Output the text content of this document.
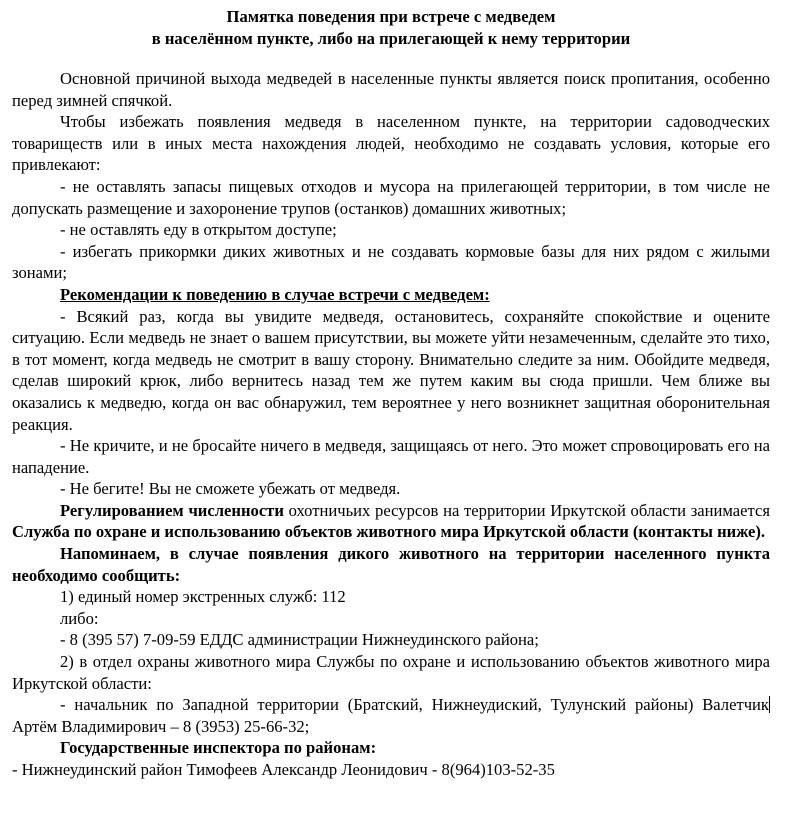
Памятка поведения при встрече с медведем
в населённом пункте, либо на прилегающей к нему территории

Основной причиной выхода медведей в населенные пункты является поиск пропитания, особенно перед зимней спячкой.

Чтобы избежать появления медведя в населенном пункте, на территории садоводческих товариществ или в иных места нахождения людей, необходимо не создавать условия, которые его привлекают:

- не оставлять запасы пищевых отходов и мусора на прилегающей территории, в том числе не допускать размещение и захоронение трупов (останков) домашних животных;

- не оставлять еду в открытом доступе;

- избегать прикормки диких животных и не создавать кормовые базы для них рядом с жилыми зонами;

Рекомендации к поведению в случае встречи с медведем:

- Всякий раз, когда вы увидите медведя, остановитесь, сохраняйте спокойствие и оцените ситуацию. Если медведь не знает о вашем присутствии, вы можете уйти незамеченным, сделайте это тихо, в тот момент, когда медведь не смотрит в вашу сторону. Внимательно следите за ним. Обойдите медведя, сделав широкий крюк, либо вернитесь назад тем же путем каким вы сюда пришли. Чем ближе вы оказались к медведю, когда он вас обнаружил, тем вероятнее у него возникнет защитная оборонительная реакция.

- Не кричите, и не бросайте ничего в медведя, защищаясь от него. Это может спровоцировать его на нападение.

- Не бегите! Вы не сможете убежать от медведя.

Регулированием численности охотничьих ресурсов на территории Иркутской области занимается Служба по охране и использованию объектов животного мира Иркутской области (контакты ниже).

Напоминаем, в случае появления дикого животного на территории населенного пункта необходимо сообщить:

1) единый номер экстренных служб: 112

либо:

- 8 (395 57) 7-09-59 ЕДДС администрации Нижнеудинского района;

2) в отдел охраны животного мира Службы по охране и использованию объектов животного мира Иркутской области:

- начальник по Западной территории (Братский, Нижнеудиский, Тулунский районы) Валетчик Артём Владимирович – 8 (3953) 25-66-32;

Государственные инспектора по районам:

- Нижнеудинский район Тимофеев Александр Леонидович - 8(964)103-52-35
